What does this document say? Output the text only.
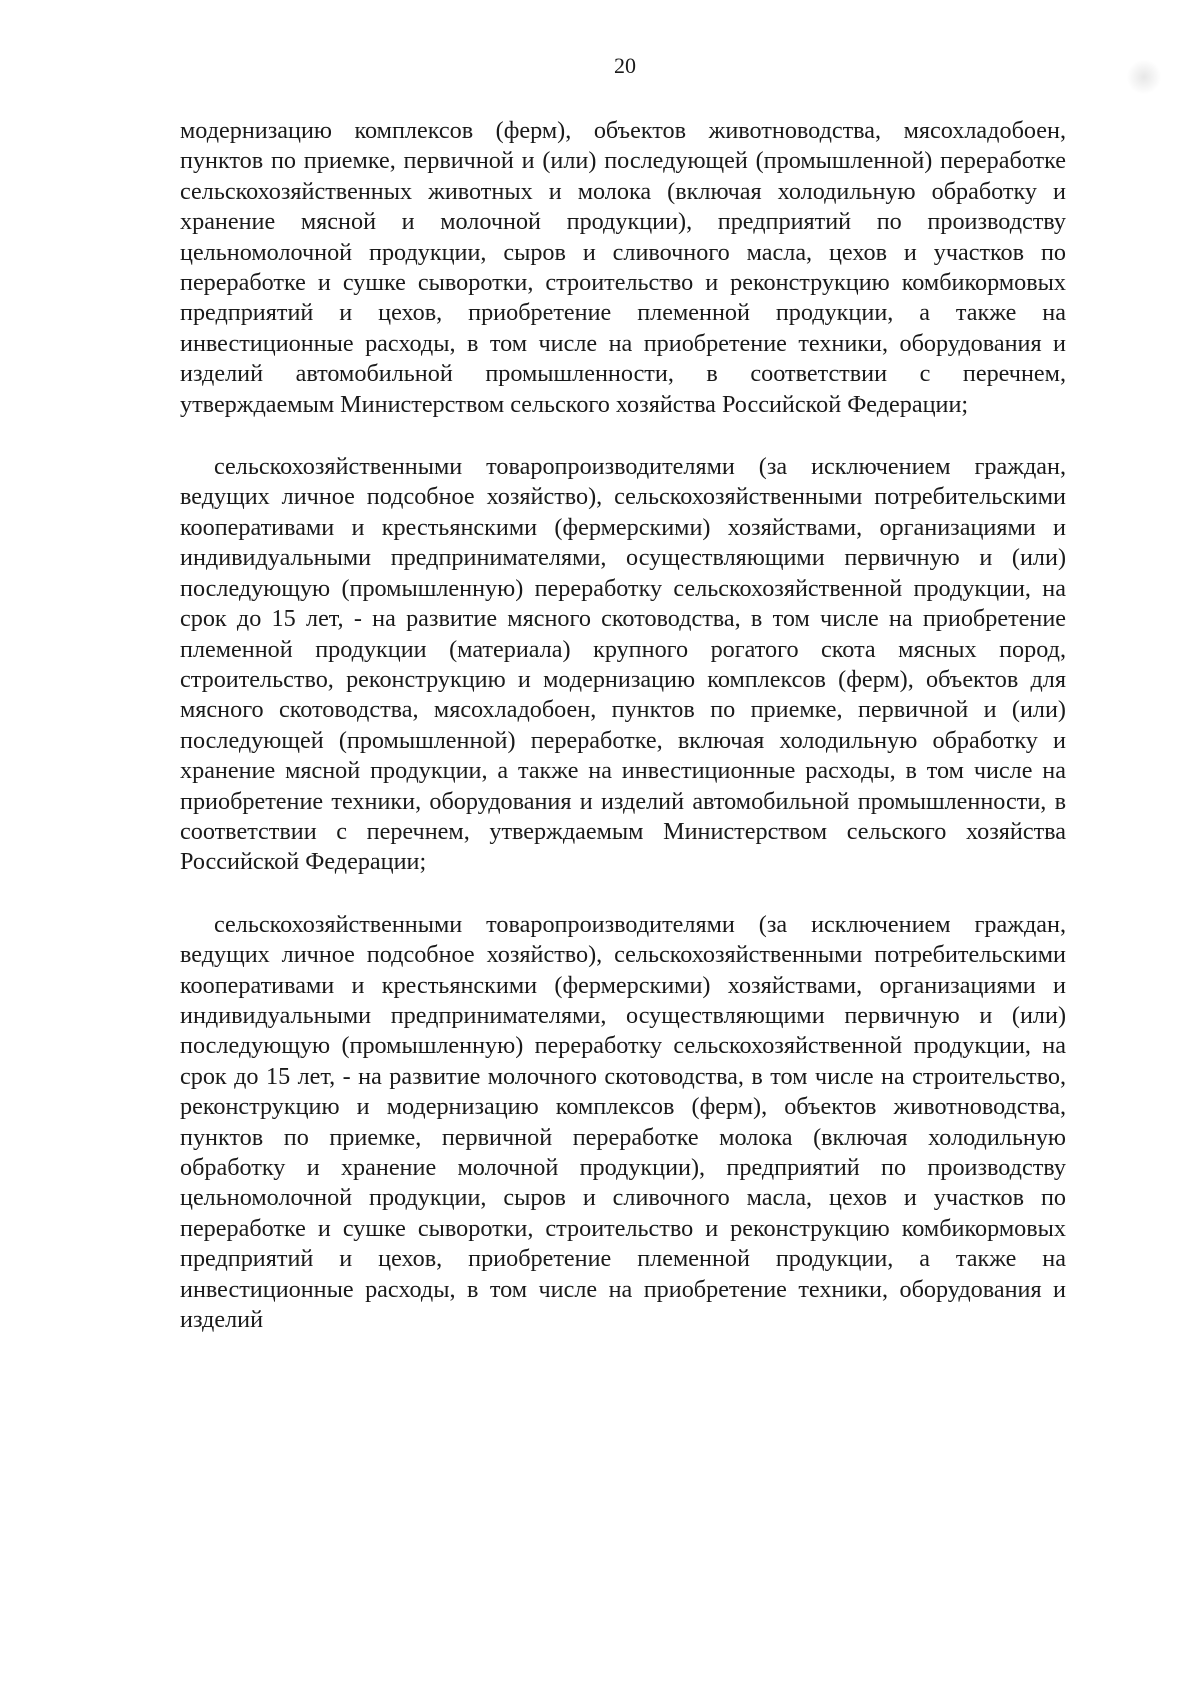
20

модернизацию комплексов (ферм), объектов животноводства, мясохладобоен, пунктов по приемке, первичной и (или) последующей (промышленной) переработке сельскохозяйственных животных и молока (включая холодильную обработку и хранение мясной и молочной продукции), предприятий по производству цельномолочной продукции, сыров и сливочного масла, цехов и участков по переработке и сушке сыворотки, строительство и реконструкцию комбикормовых предприятий и цехов, приобретение племенной продукции, а также на инвестиционные расходы, в том числе на приобретение техники, оборудования и изделий автомобильной промышленности, в соответствии с перечнем, утверждаемым Министерством сельского хозяйства Российской Федерации;

сельскохозяйственными товаропроизводителями (за исключением граждан, ведущих личное подсобное хозяйство), сельскохозяйственными потребительскими кооперативами и крестьянскими (фермерскими) хозяйствами, организациями и индивидуальными предпринимателями, осуществляющими первичную и (или) последующую (промышленную) переработку сельскохозяйственной продукции, на срок до 15 лет, - на развитие мясного скотоводства, в том числе на приобретение племенной продукции (материала) крупного рогатого скота мясных пород, строительство, реконструкцию и модернизацию комплексов (ферм), объектов для мясного скотоводства, мясохладобоен, пунктов по приемке, первичной и (или) последующей (промышленной) переработке, включая холодильную обработку и хранение мясной продукции, а также на инвестиционные расходы, в том числе на приобретение техники, оборудования и изделий автомобильной промышленности, в соответствии с перечнем, утверждаемым Министерством сельского хозяйства Российской Федерации;

сельскохозяйственными товаропроизводителями (за исключением граждан, ведущих личное подсобное хозяйство), сельскохозяйственными потребительскими кооперативами и крестьянскими (фермерскими) хозяйствами, организациями и индивидуальными предпринимателями, осуществляющими первичную и (или) последующую (промышленную) переработку сельскохозяйственной продукции, на срок до 15 лет, - на развитие молочного скотоводства, в том числе на строительство, реконструкцию и модернизацию комплексов (ферм), объектов животноводства, пунктов по приемке, первичной переработке молока (включая холодильную обработку и хранение молочной продукции), предприятий по производству цельномолочной продукции, сыров и сливочного масла, цехов и участков по переработке и сушке сыворотки, строительство и реконструкцию комбикормовых предприятий и цехов, приобретение племенной продукции, а также на инвестиционные расходы, в том числе на приобретение техники, оборудования и изделий
